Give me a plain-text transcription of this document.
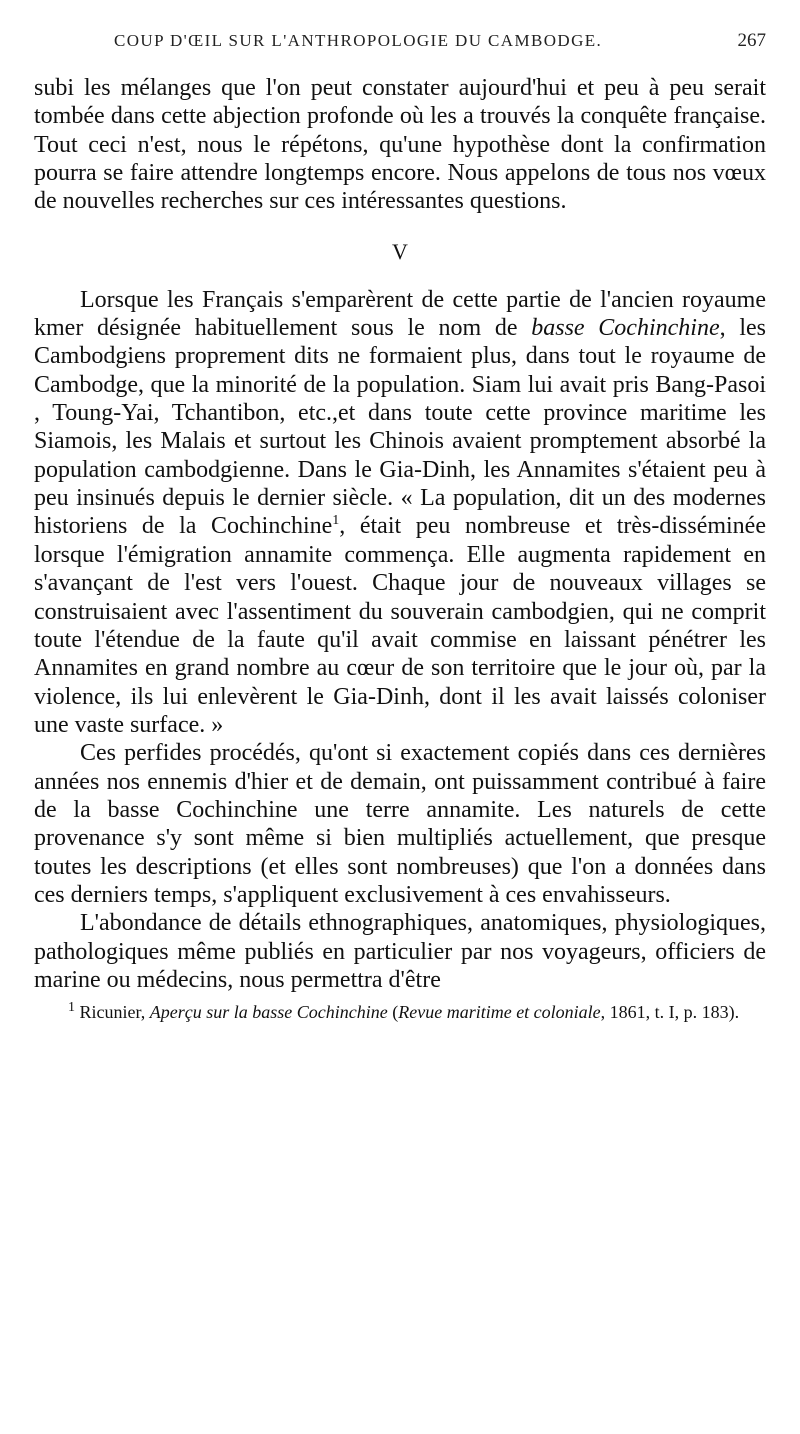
COUP D'ŒIL SUR L'ANTHROPOLOGIE DU CAMBODGE.	267

subi les mélanges que l'on peut constater aujourd'hui et peu à peu serait tombée dans cette abjection profonde où les a trouvés la conquête française. Tout ceci n'est, nous le répétons, qu'une hypothèse dont la confirmation pourra se faire attendre longtemps encore. Nous appelons de tous nos vœux de nouvelles recherches sur ces intéressantes questions.

V

Lorsque les Français s'emparèrent de cette partie de l'ancien royaume kmer désignée habituellement sous le nom de basse Cochinchine, les Cambodgiens proprement dits ne formaient plus, dans tout le royaume de Cambodge, que la minorité de la population. Siam lui avait pris Bang-Pasoi , Toung-Yai, Tchantibon, etc.,et dans toute cette province maritime les Siamois, les Malais et surtout les Chinois avaient promptement absorbé la population cambodgienne. Dans le Gia-Dinh, les Annamites s'étaient peu à peu insinués depuis le dernier siècle. « La population, dit un des modernes historiens de la Cochinchine$^1$, était peu nombreuse et très-disséminée lorsque l'émigration annamite commença. Elle augmenta rapidement en s'avançant de l'est vers l'ouest. Chaque jour de nouveaux villages se construisaient avec l'assentiment du souverain cambodgien, qui ne comprit toute l'étendue de la faute qu'il avait commise en laissant pénétrer les Annamites en grand nombre au cœur de son territoire que le jour où, par la violence, ils lui enlevèrent le Gia-Dinh, dont il les avait laissés coloniser une vaste surface. »

Ces perfides procédés, qu'ont si exactement copiés dans ces dernières années nos ennemis d'hier et de demain, ont puissamment contribué à faire de la basse Cochinchine une terre annamite. Les naturels de cette provenance s'y sont même si bien multipliés actuellement, que presque toutes les descriptions (et elles sont nombreuses) que l'on a données dans ces derniers temps, s'appliquent exclusivement à ces envahisseurs.

L'abondance de détails ethnographiques, anatomiques, physiologiques, pathologiques même publiés en particulier par nos voyageurs, officiers de marine ou médecins, nous permettra d'être

$^1$ Ricunier, Aperçu sur la basse Cochinchine (Revue maritime et coloniale, 1861, t. I, p. 183).
